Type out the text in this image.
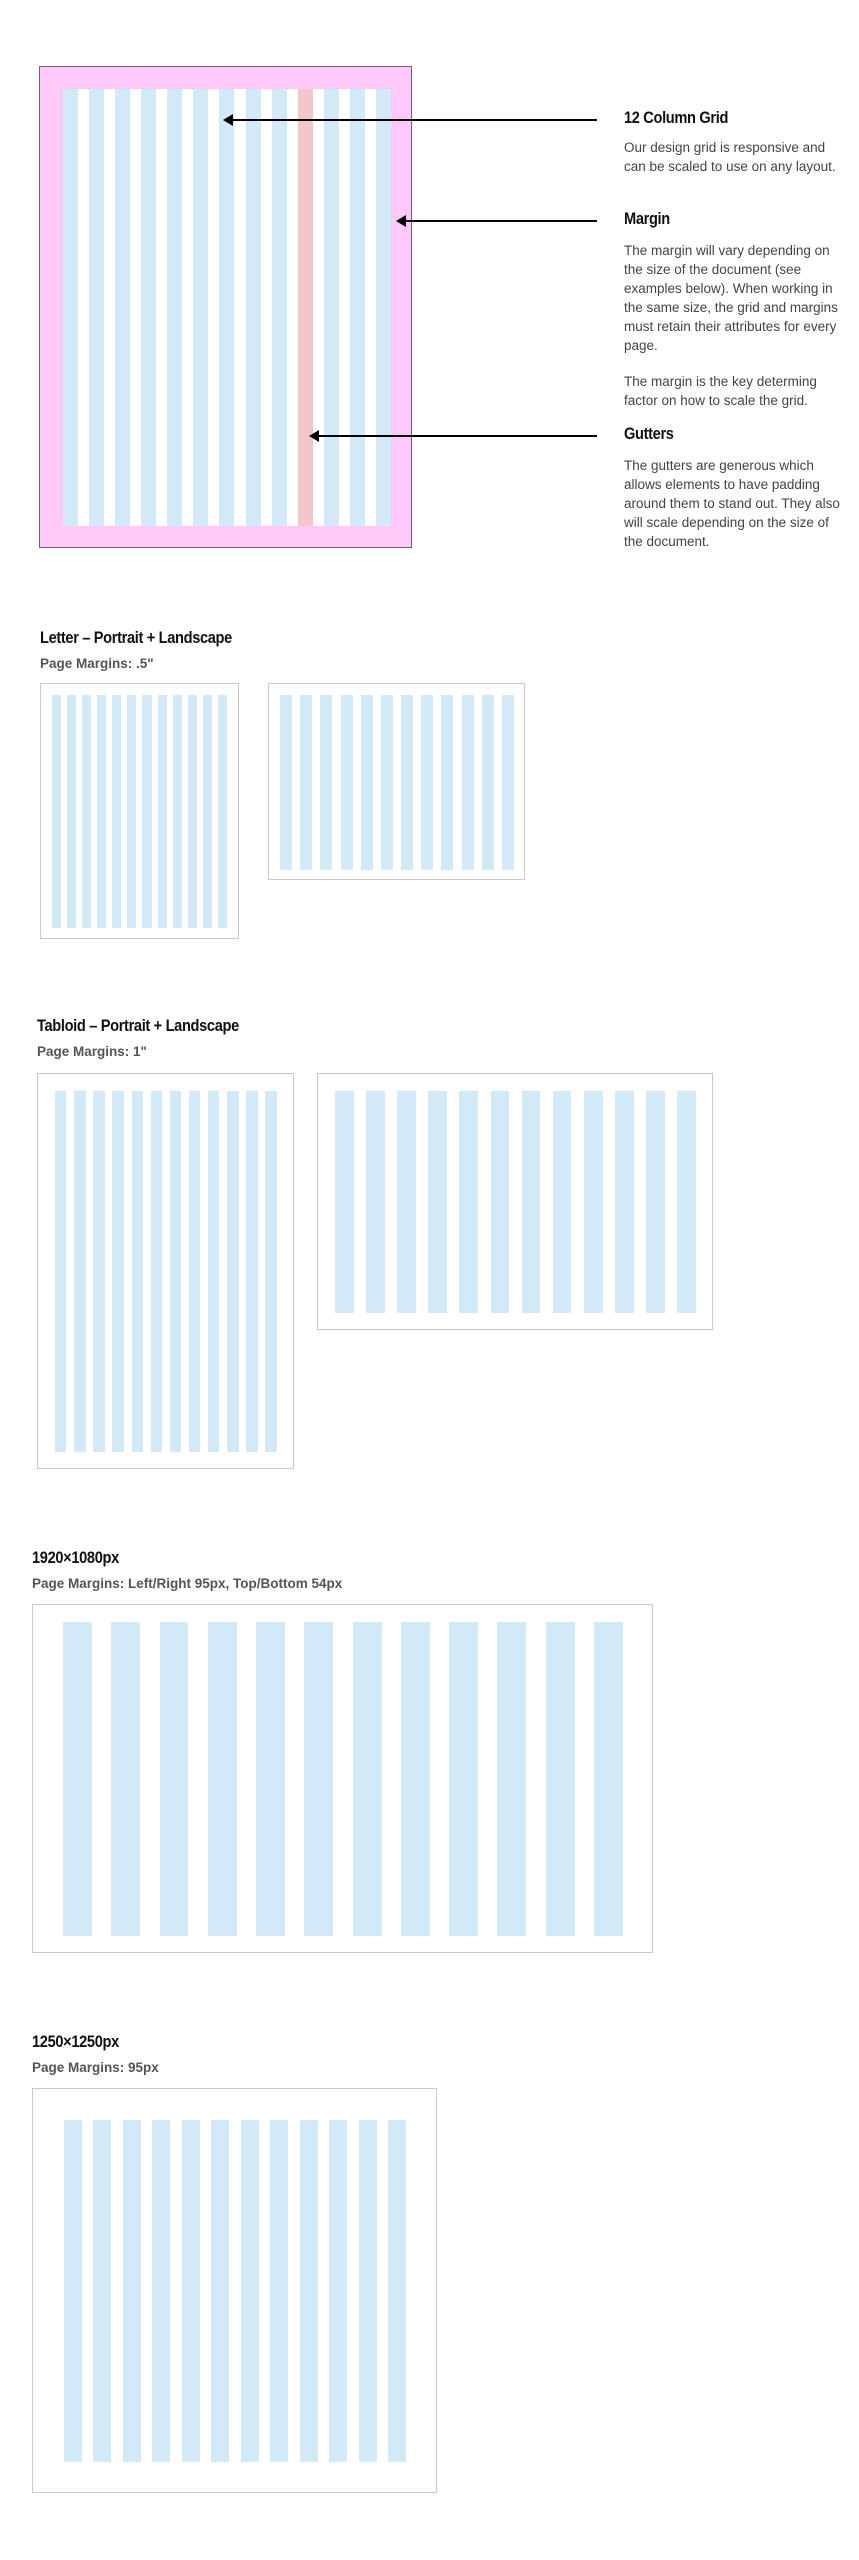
12 Column Grid

Our design grid is responsive and can be scaled to use on any layout.

Margin

The margin will vary depending on the size of the document (see examples below). When working in the same size, the grid and margins must retain their attributes for every page.

The margin is the key determing factor on how to scale the grid.

Gutters

The gutters are generous which allows elements to have padding around them to stand out. They also will scale depending on the size of the document.

Letter – Portrait + Landscape
Page Margins: .5"
Tabloid – Portrait + Landscape
Page Margins: 1"
1920×1080px
Page Margins: Left/Right 95px, Top/Bottom 54px
1250×1250px
Page Margins: 95px
